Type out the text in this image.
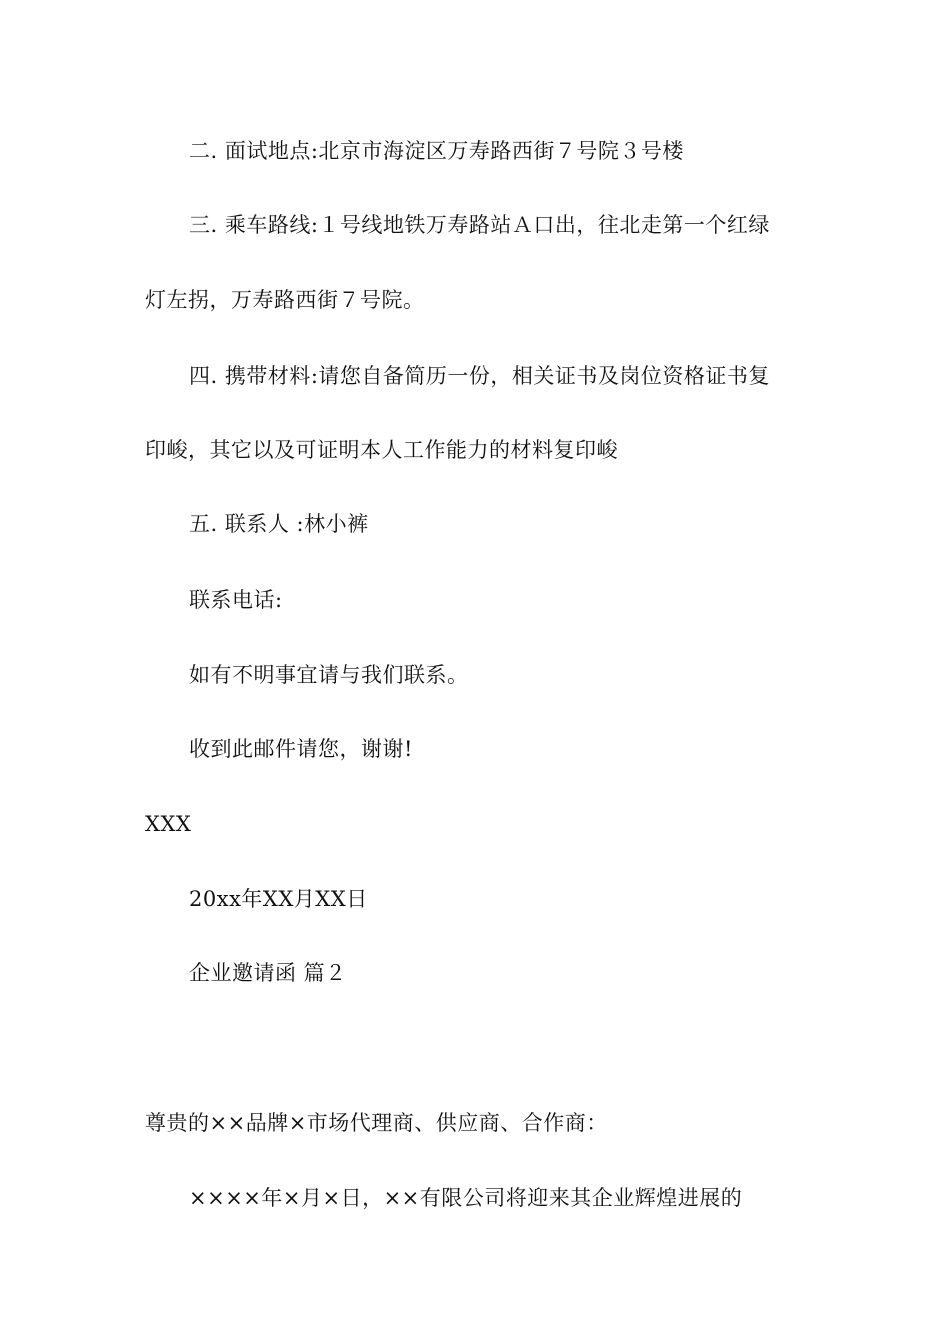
二. 面试地点:北京市海淀区万寿路西街７号院３号楼
三. 乘车路线:１号线地铁万寿路站Ａ口出，往北走第一个红绿
灯左拐，万寿路西街７号院。
四. 携带材料:请您自备简历一份，相关证书及岗位资格证书复
印峻，其它以及可证明本人工作能力的材料复印峻
五. 联系人 :林小裤
联系电话:
如有不明事宜请与我们联系。
收到此邮件请您，谢谢!
XXX
20xx年XX月XX日
企业邀请函 篇２
尊贵的××品牌×市场代理商、供应商、合作商：
××××年×月×日，××有限公司将迎来其企业辉煌进展的
